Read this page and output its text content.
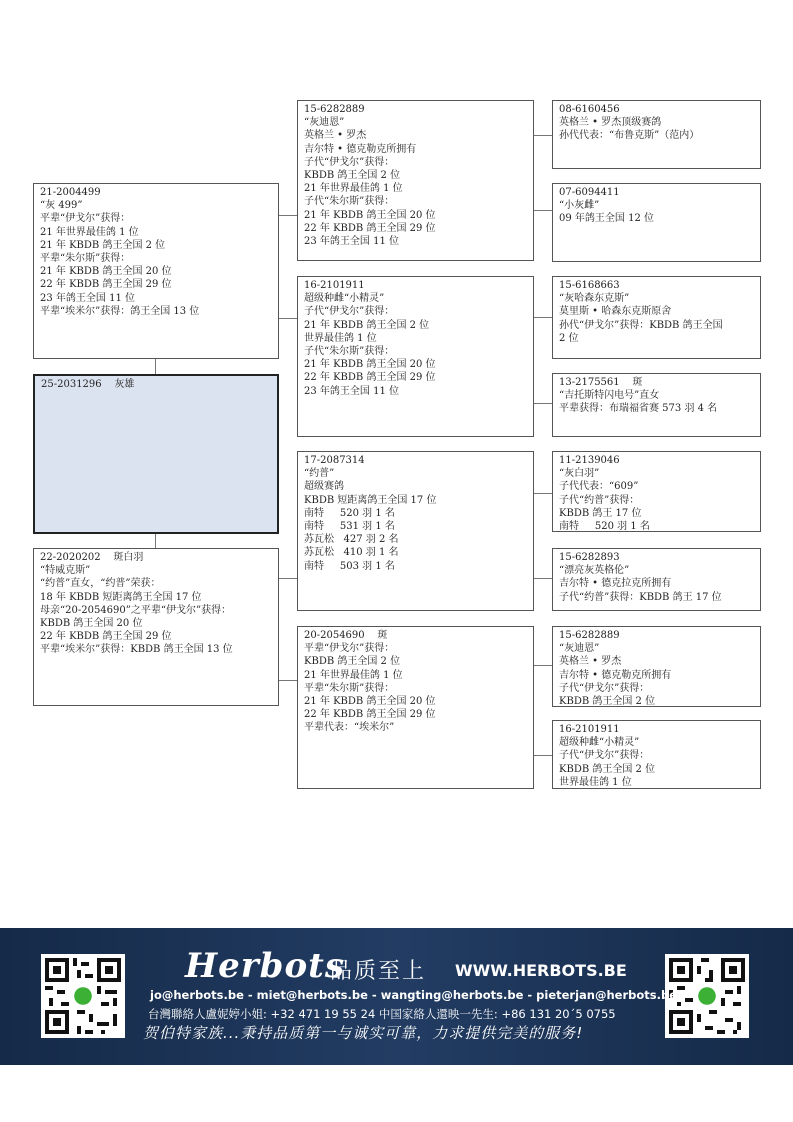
21-2004499
“灰 499”
平辈“伊戈尔”获得：
21 年世界最佳鸽 1 位
21 年 KBDB 鸽王全国 2 位
平辈“朱尔斯”获得：
21 年 KBDB 鸽王全国 20 位
22 年 KBDB 鸽王全国 29 位
23 年鸽王全国 11 位
平辈“埃米尔”获得：鸽王全国 13 位
25-2031296    灰雄
22-2020202    斑白羽
“特威克斯”
“约普”直女，“约普”荣获：
18 年 KBDB 短距离鸽王全国 17 位
母亲“20-2054690”之平辈“伊戈尔”获得：
KBDB 鸽王全国 20 位
22 年 KBDB 鸽王全国 29 位
平辈“埃米尔”获得：KBDB 鸽王全国 13 位
15-6282889
“灰迪恩”
英格兰 • 罗杰
吉尔特 • 德克勒克所拥有
子代“伊戈尔”获得：
KBDB 鸽王全国 2 位
21 年世界最佳鸽 1 位
子代“朱尔斯”获得：
21 年 KBDB 鸽王全国 20 位
22 年 KBDB 鸽王全国 29 位
23 年鸽王全国 11 位
16-2101911
超级种雌“小精灵”
子代“伊戈尔”获得：
21 年 KBDB 鸽王全国 2 位
世界最佳鸽 1 位
子代“朱尔斯”获得：
21 年 KBDB 鸽王全国 20 位
22 年 KBDB 鸽王全国 29 位
23 年鸽王全国 11 位
17-2087314
“约普”
超级赛鸽
KBDB 短距离鸽王全国 17 位
南特     520 羽 1 名
南特     531 羽 1 名
苏瓦松   427 羽 2 名
苏瓦松   410 羽 1 名
南特     503 羽 1 名
20-2054690    斑
平辈“伊戈尔”获得：
KBDB 鸽王全国 2 位
21 年世界最佳鸽 1 位
平辈“朱尔斯”获得：
21 年 KBDB 鸽王全国 20 位
22 年 KBDB 鸽王全国 29 位
平辈代表：“埃米尔”
08-6160456
英格兰 • 罗杰顶级赛鸽
孙代代表：“布鲁克斯”（范内）
07-6094411
“小灰雌”
09 年鸽王全国 12 位
15-6168663
“灰哈森东克斯”
莫里斯 • 哈森东克斯原舍
孙代“伊戈尔”获得：KBDB 鸽王全国
2 位
13-2175561    斑
“吉托斯特闪电号”直女
平辈获得：布瑞福省赛 573 羽 4 名
11-2139046
“灰白羽”
子代代表：“609”
子代“约普”获得：
KBDB 鸽王 17 位
南特     520 羽 1 名
15-6282893
“漂亮灰英格伦”
吉尔特 • 德克拉克所拥有
子代“约普”获得：KBDB 鸽王 17 位
15-6282889
“灰迪恩”
英格兰 • 罗杰
吉尔特 • 德克勒克所拥有
子代“伊戈尔”获得：
KBDB 鸽王全国 2 位
16-2101911
超级种雌“小精灵”
子代“伊戈尔”获得：
KBDB 鸽王全国 2 位
世界最佳鸽 1 位
Herbots
品质至上 WWW.HERBOTS.BE
jo@herbots.be - miet@herbots.be - wangting@herbots.be - pieterjan@herbots.be
台灣聯絡人盧妮婷小姐: +32 471 19 55 24 中国家絡人還映一先生: +86 131 20´5 0755
贺伯特家族...秉持品质第一与诚实可靠，力求提供完美的服务!
